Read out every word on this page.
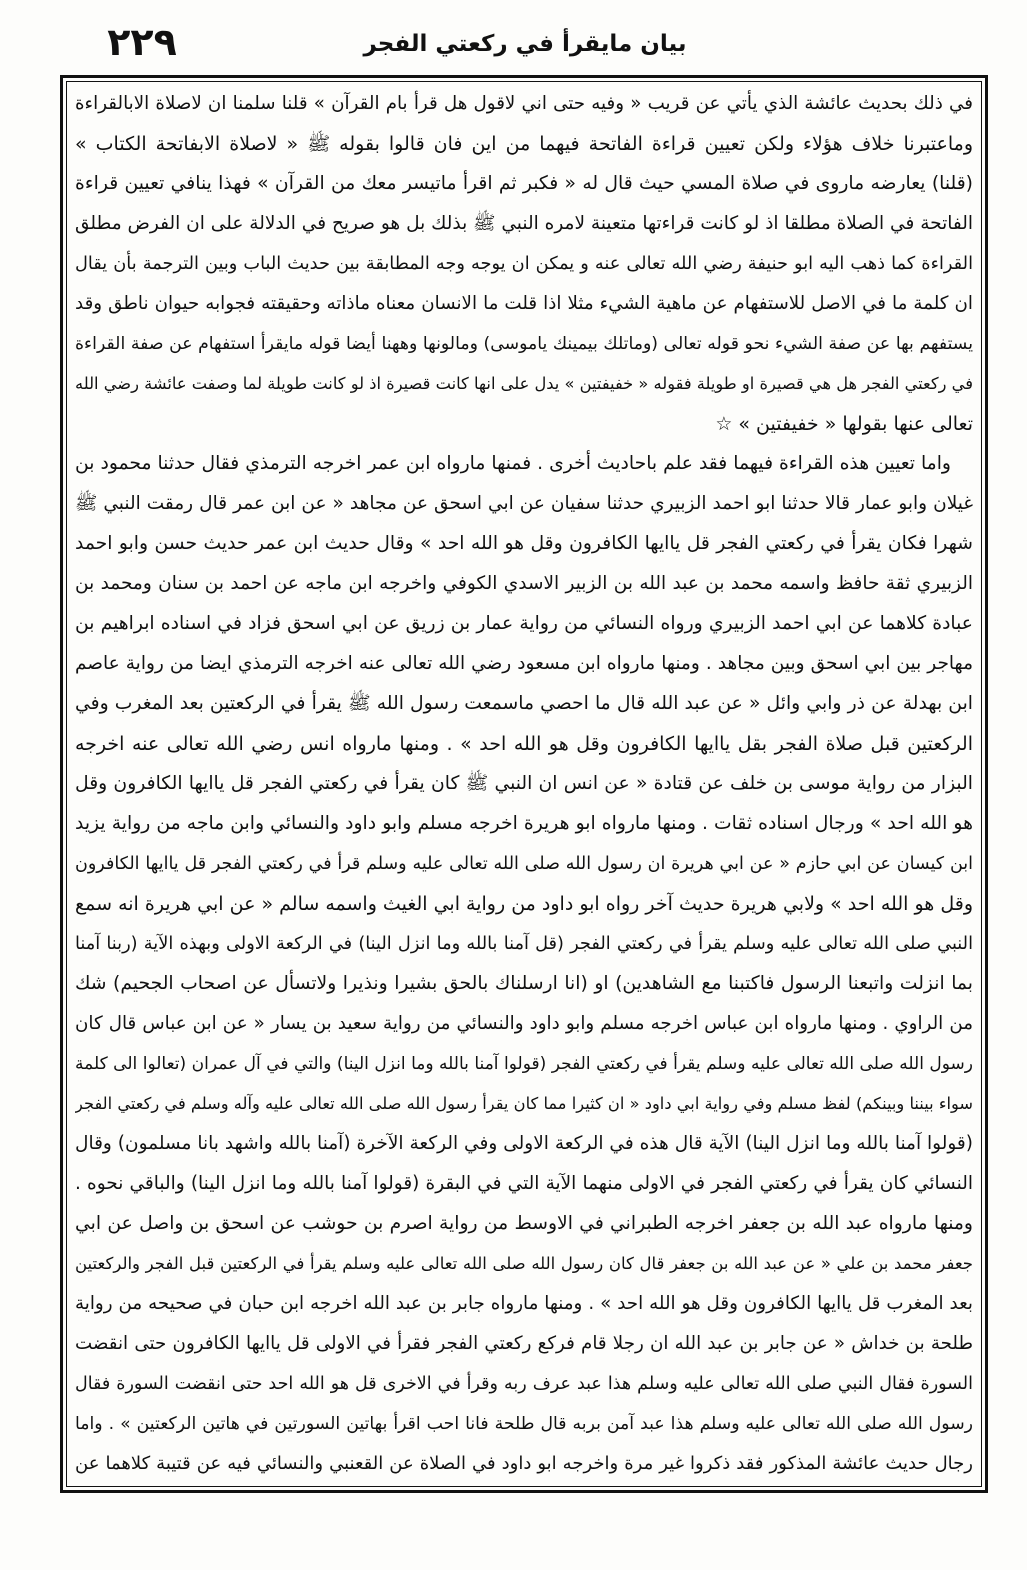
٢٢٩	بيان مايقرأ في ركعتي الفجر
في ذلك بحديث عائشة الذي يأتي عن قريب « وفيه حتى اني لاقول هل قرأ بام القرآن » قلنا سلمنا ان لاصلاة الابالقراءة
وماعتبرنا خلاف هؤلاء ولكن تعيين قراءة الفاتحة فيهما من اين فان قالوا بقوله ﷺ « لاصلاة الابفاتحة الكتاب »
(قلنا) يعارضه ماروى في صلاة المسي حيث قال له « فكبر ثم اقرأ ماتيسر معك من القرآن » فهذا ينافي تعيين قراءة
الفاتحة في الصلاة مطلقا اذ لو كانت قراءتها متعينة لامره النبي ﷺ بذلك بل هو صريح في الدلالة على ان الفرض مطلق
القراءة كما ذهب اليه ابو حنيفة رضي الله تعالى عنه و يمكن ان يوجه وجه المطابقة بين حديث الباب وبين الترجمة بأن يقال
ان كلمة ما في الاصل للاستفهام عن ماهية الشيء مثلا اذا قلت ما الانسان معناه ماذاته وحقيقته فجوابه حيوان ناطق وقد
يستفهم بها عن صفة الشيء نحو قوله تعالى (وماتلك بيمينك ياموسى) ومالونها وههنا أيضا قوله مايقرأ استفهام عن صفة القراءة
في ركعتي الفجر هل هي قصيرة او طويلة فقوله « خفيفتين » يدل على انها كانت قصيرة اذ لو كانت طويلة لما وصفت عائشة رضي الله
تعالى عنها بقولها « خفيفتين » ☆
واما تعيين هذه القراءة فيهما فقد علم باحاديث أخرى . فمنها مارواه ابن عمر اخرجه الترمذي فقال حدثنا محمود بن
غيلان وابو عمار قالا حدثنا ابو احمد الزبيري حدثنا سفيان عن ابي اسحق عن مجاهد « عن ابن عمر قال رمقت النبي ﷺ
شهرا فكان يقرأ في ركعتي الفجر قل ياايها الكافرون وقل هو الله احد » وقال حديث ابن عمر حديث حسن وابو احمد
الزبيري ثقة حافظ واسمه محمد بن عبد الله بن الزبير الاسدي الكوفي واخرجه ابن ماجه عن احمد بن سنان ومحمد بن
عبادة كلاهما عن ابي احمد الزبيري ورواه النسائي من رواية عمار بن زريق عن ابي اسحق فزاد في اسناده ابراهيم بن
مهاجر بين ابي اسحق وبين مجاهد . ومنها مارواه ابن مسعود رضي الله تعالى عنه اخرجه الترمذي ايضا من رواية عاصم
ابن بهدلة عن ذر وابي وائل « عن عبد الله قال ما احصي ماسمعت رسول الله ﷺ يقرأ في الركعتين بعد المغرب وفي
الركعتين قبل صلاة الفجر بقل ياايها الكافرون وقل هو الله احد » . ومنها مارواه انس رضي الله تعالى عنه اخرجه
البزار من رواية موسى بن خلف عن قتادة « عن انس ان النبي ﷺ كان يقرأ في ركعتي الفجر قل ياايها الكافرون وقل
هو الله احد » ورجال اسناده ثقات . ومنها مارواه ابو هريرة اخرجه مسلم وابو داود والنسائي وابن ماجه من رواية يزيد
ابن كيسان عن ابي حازم « عن ابي هريرة ان رسول الله صلى الله تعالى عليه وسلم قرأ في ركعتي الفجر قل ياايها الكافرون
وقل هو الله احد » ولابي هريرة حديث آخر رواه ابو داود من رواية ابي الغيث واسمه سالم « عن ابي هريرة انه سمع
النبي صلى الله تعالى عليه وسلم يقرأ في ركعتي الفجر (قل آمنا بالله وما انزل الينا) في الركعة الاولى وبهذه الآية (ربنا آمنا
بما انزلت واتبعنا الرسول فاكتبنا مع الشاهدين) او (انا ارسلناك بالحق بشيرا ونذيرا ولاتسأل عن اصحاب الجحيم) شك
من الراوي . ومنها مارواه ابن عباس اخرجه مسلم وابو داود والنسائي من رواية سعيد بن يسار « عن ابن عباس قال كان
رسول الله صلى الله تعالى عليه وسلم يقرأ في ركعتي الفجر (قولوا آمنا بالله وما انزل الينا) والتي في آل عمران (تعالوا الى كلمة
سواء بيننا وبينكم) لفظ مسلم وفي رواية ابي داود « ان كثيرا مما كان يقرأ رسول الله صلى الله تعالى عليه وآله وسلم في ركعتي الفجر
(قولوا آمنا بالله وما انزل الينا) الآية قال هذه في الركعة الاولى وفي الركعة الآخرة (آمنا بالله واشهد بانا مسلمون) وقال
النسائي كان يقرأ في ركعتي الفجر في الاولى منهما الآية التي في البقرة (قولوا آمنا بالله وما انزل الينا) والباقي نحوه .
ومنها مارواه عبد الله بن جعفر اخرجه الطبراني في الاوسط من رواية اصرم بن حوشب عن اسحق بن واصل عن ابي
جعفر محمد بن علي « عن عبد الله بن جعفر قال كان رسول الله صلى الله تعالى عليه وسلم يقرأ في الركعتين قبل الفجر والركعتين
بعد المغرب قل ياايها الكافرون وقل هو الله احد » . ومنها مارواه جابر بن عبد الله اخرجه ابن حبان في صحيحه من رواية
طلحة بن خداش « عن جابر بن عبد الله ان رجلا قام فركع ركعتي الفجر فقرأ في الاولى قل ياايها الكافرون حتى انقضت
السورة فقال النبي صلى الله تعالى عليه وسلم هذا عبد عرف ربه وقرأ في الاخرى قل هو الله احد حتى انقضت السورة فقال
رسول الله صلى الله تعالى عليه وسلم هذا عبد آمن بربه قال طلحة فانا احب اقرأ بهاتين السورتين في هاتين الركعتين » . واما
رجال حديث عائشة المذكور فقد ذكروا غير مرة واخرجه ابو داود في الصلاة عن القعنبي والنسائي فيه عن قتيبة كلاهما عن
